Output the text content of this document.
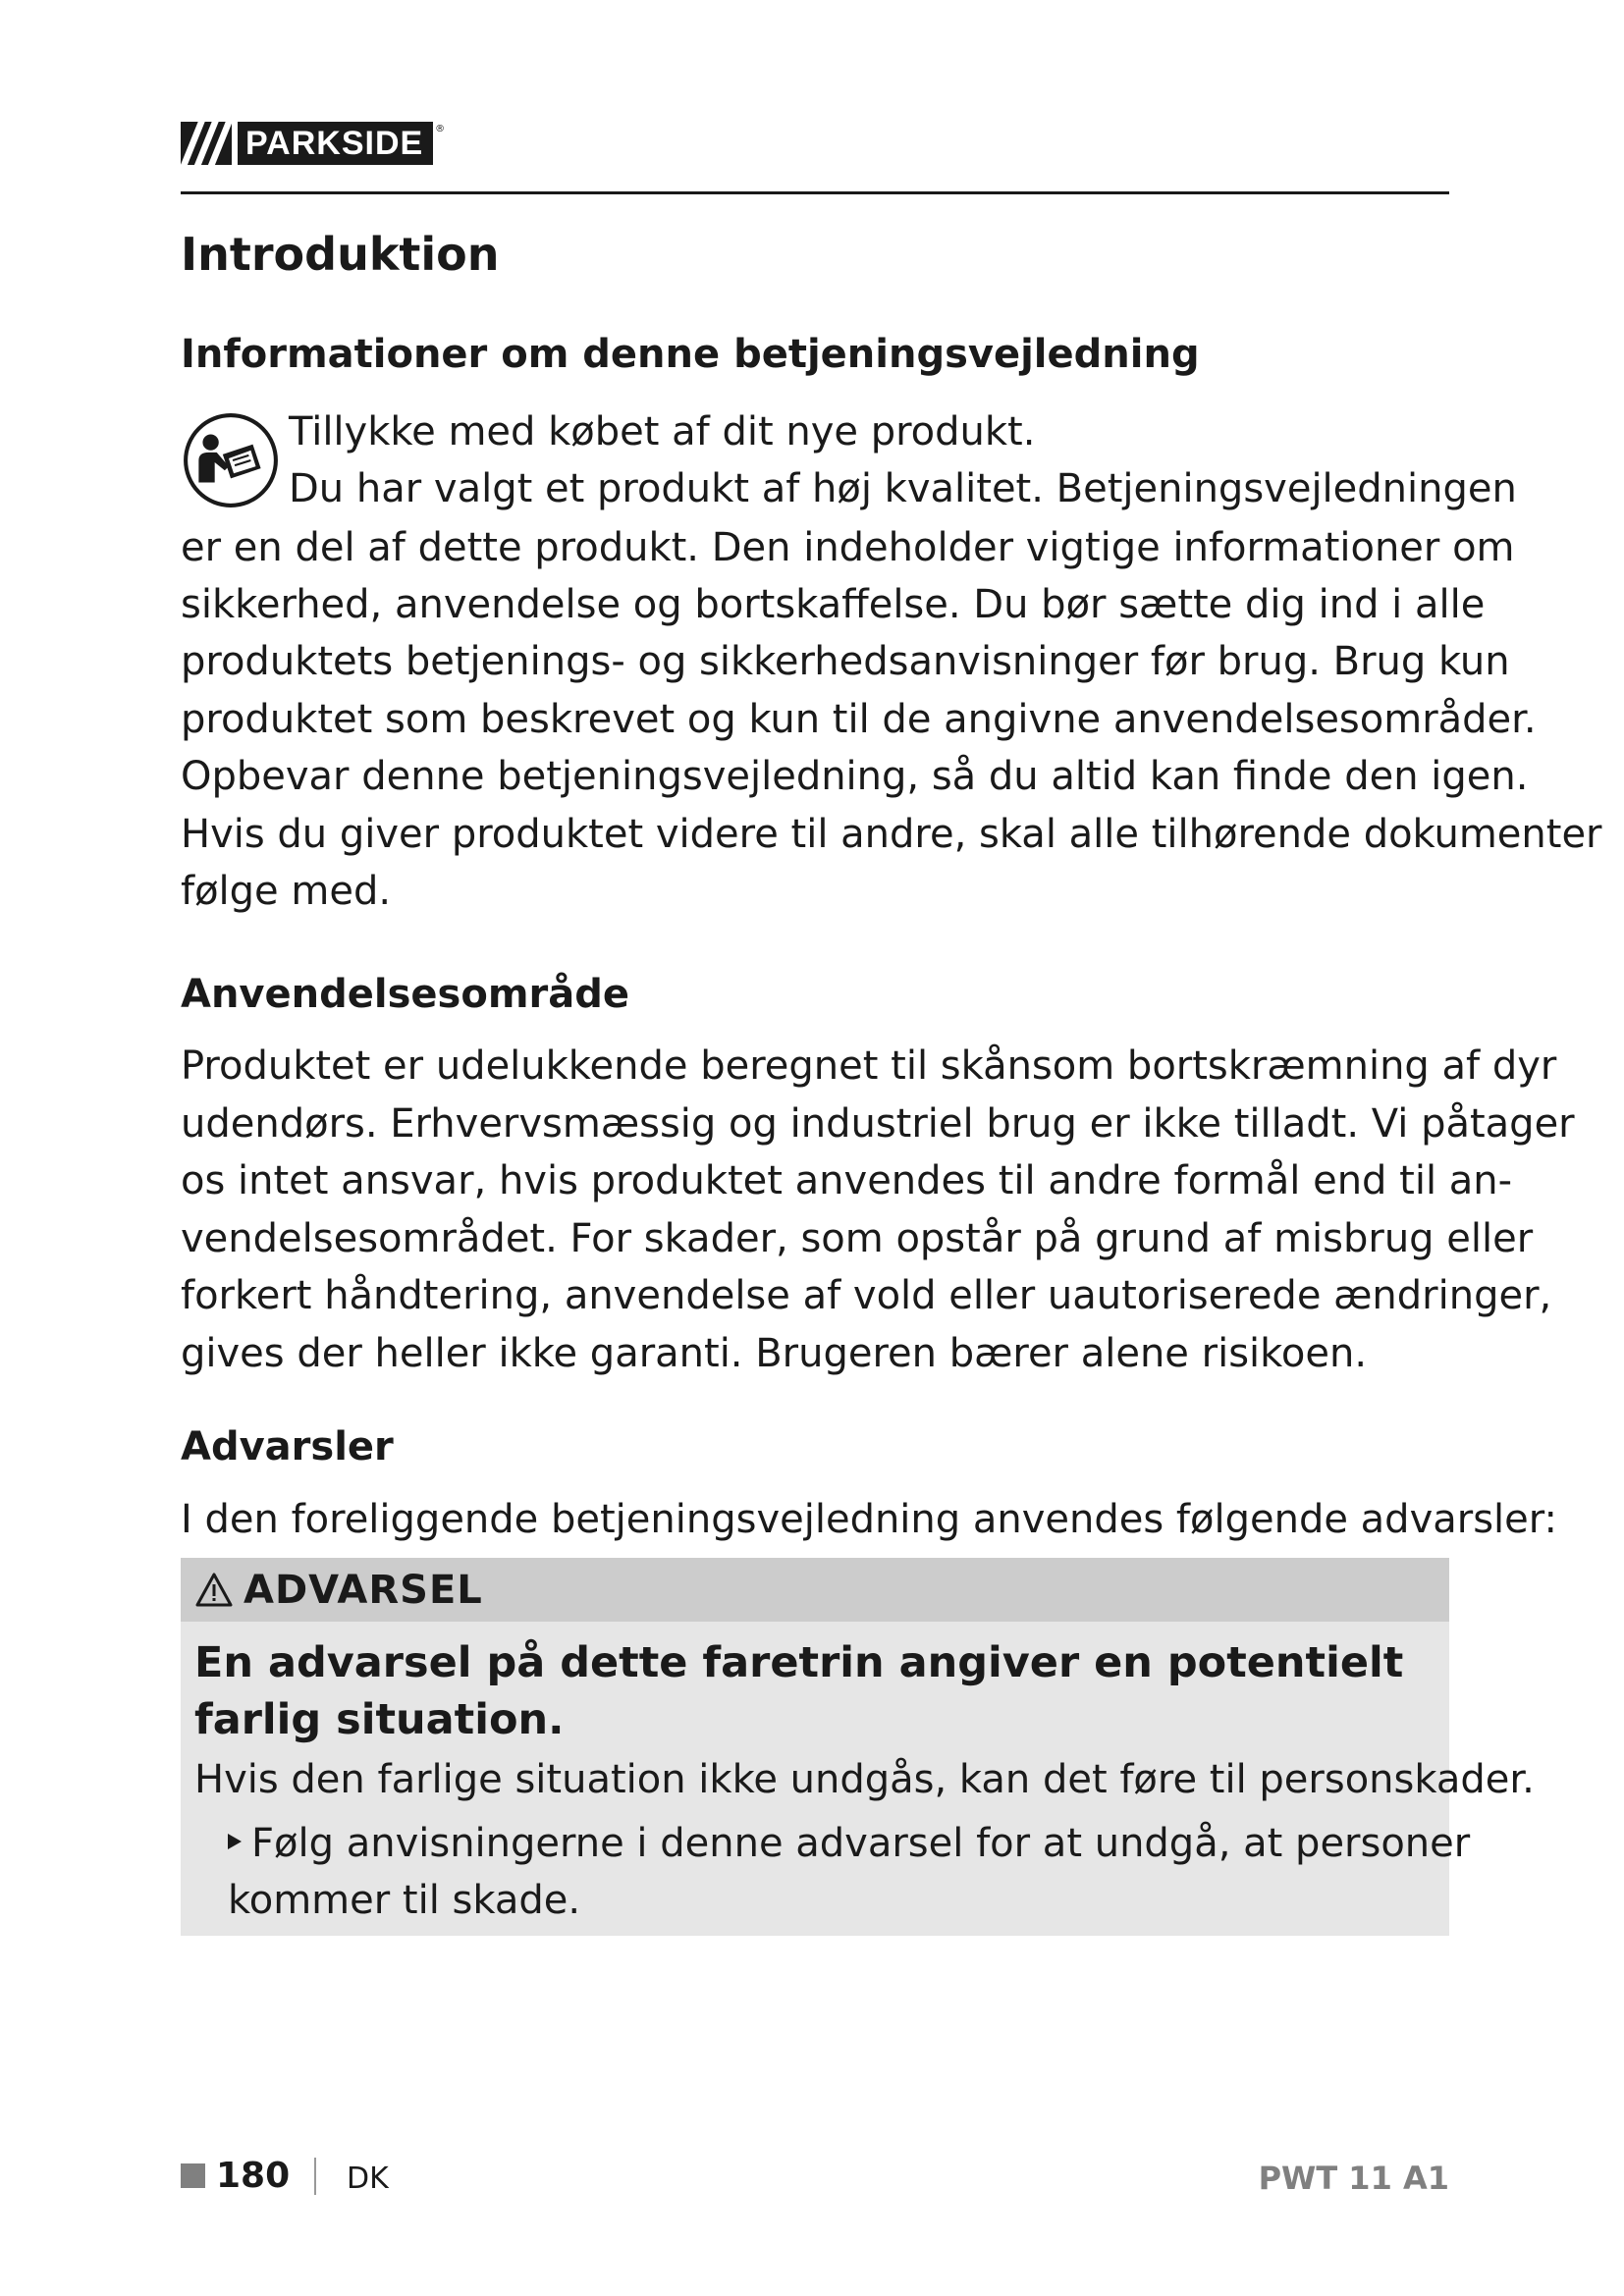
PARKSIDE	®
Introduktion
Informationer om denne betjeningsvejledning

Tillykke med købet af dit nye produkt.

Du har valgt et produkt af høj kvalitet. Betjeningsvejledningen

er en del af dette produkt. Den indeholder vigtige informationer om

sikkerhed, anvendelse og bortskaffelse. Du bør sætte dig ind i alle

produktets betjenings- og sikkerhedsanvisninger før brug. Brug kun

produktet som beskrevet og kun til de angivne anvendelsesområder.

Opbevar denne betjeningsvejledning, så du altid kan finde den igen.

Hvis du giver produktet videre til andre, skal alle tilhørende dokumenter

følge med.

Anvendelsesområde

Produktet er udelukkende beregnet til skånsom bortskræmning af dyr

udendørs. Erhvervsmæssig og industriel brug er ikke tilladt. Vi påtager

os intet ansvar, hvis produktet anvendes til andre formål end til an-

vendelsesområdet. For skader, som opstår på grund af misbrug eller

forkert håndtering, anvendelse af vold eller uautoriserede ændringer,

gives der heller ikke garanti. Brugeren bærer alene risikoen.

Advarsler

I den foreliggende betjeningsvejledning anvendes følgende advarsler:

ADVARSEL

En advarsel på dette faretrin angiver en potentielt
farlig situation.

Hvis den farlige situation ikke undgås, kan det føre til personskader.

Følg anvisningerne i denne advarsel for at undgå, at personer
kommer til skade.

180 DK	PWT 11 A1
